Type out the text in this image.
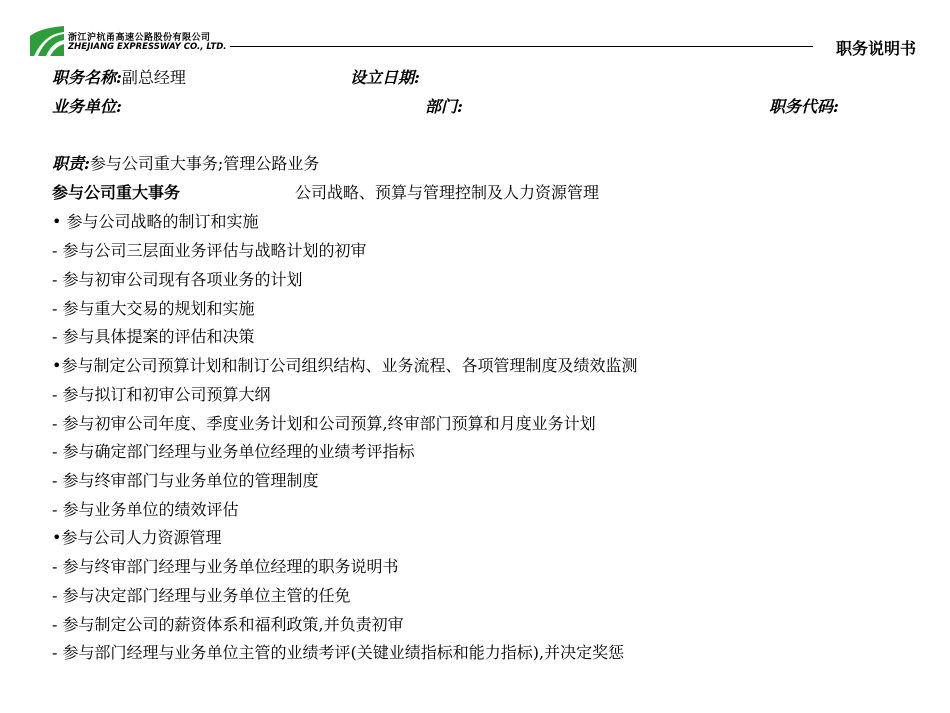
浙江沪杭甬高速公路股份有限公司
ZHEJIANG EXPRESSWAY CO., LTD.	职务说明书
职务名称:副总经理	设立日期:
业务单位:	部门:	职务代码:
职责:参与公司重大事务;管理公路业务
参与公司重大事务	公司战略、预算与管理控制及人力资源管理
• 参与公司战略的制订和实施
- 参与公司三层面业务评估与战略计划的初审
- 参与初审公司现有各项业务的计划
- 参与重大交易的规划和实施
- 参与具体提案的评估和决策
•参与制定公司预算计划和制订公司组织结构、业务流程、各项管理制度及绩效监测
- 参与拟订和初审公司预算大纲
- 参与初审公司年度、季度业务计划和公司预算,终审部门预算和月度业务计划
- 参与确定部门经理与业务单位经理的业绩考评指标
- 参与终审部门与业务单位的管理制度
- 参与业务单位的绩效评估
•参与公司人力资源管理
- 参与终审部门经理与业务单位经理的职务说明书
- 参与决定部门经理与业务单位主管的任免
- 参与制定公司的薪资体系和福利政策,并负责初审
- 参与部门经理与业务单位主管的业绩考评(关键业绩指标和能力指标),并决定奖惩
